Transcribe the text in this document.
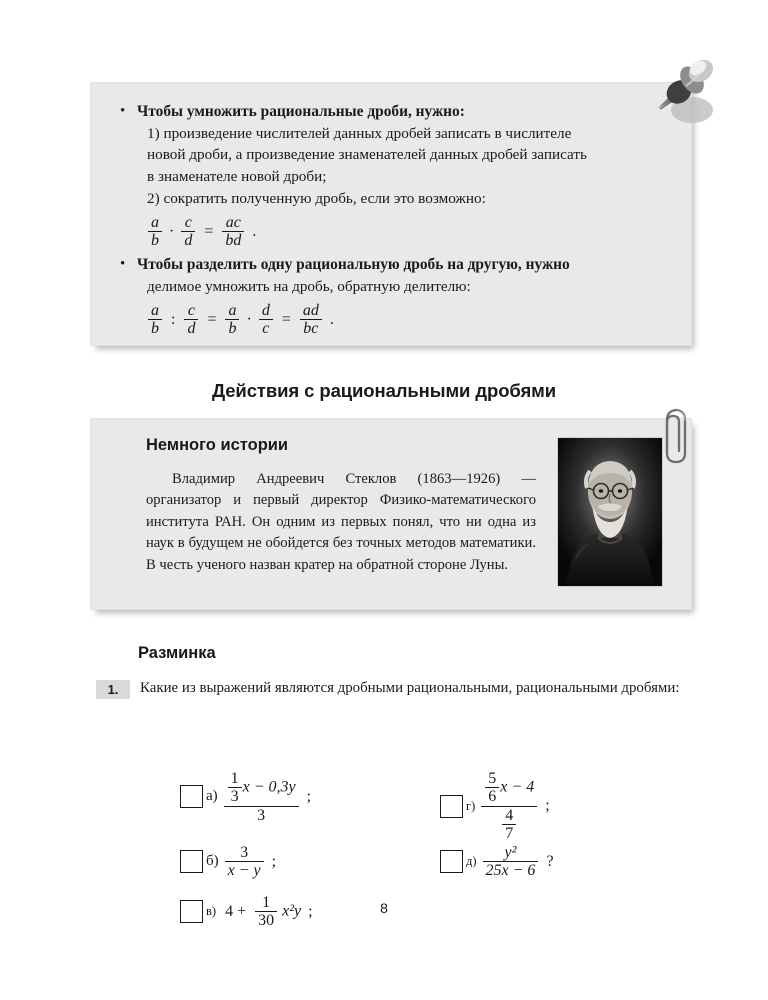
• Чтобы умножить рациональные дроби, нужно:
1) произведение числителей данных дробей записать в числителе
новой дроби, а произведение знаменателей данных дробей записать
в знаменателе новой дроби;
2) сократить полученную дробь, если это возможно:
$\frac{a}{b} \cdot \frac{c}{d} = \frac{ac}{bd}$ .
• Чтобы разделить одну рациональную дробь на другую, нужно
делимое умножить на дробь, обратную делителю:
$\frac{a}{b}$ : $\frac{c}{d} = \frac{a}{b} \cdot \frac{d}{c} = \frac{ad}{bc}$ .
Действия с рациональными дробями
Немного истории
Владимир Андреевич Стеклов (1863—1926) — организатор и первый директор Физико-математического института РАН. Он одним из первых понял, что ни одна из наук в будущем не обойдется без точных методов математики. В честь ученого назван кратер на обратной стороне Луны.
Разминка
1.	Какие из выражений являются дробными рациональными, рациональными дробями:
$а) \frac{\frac{1}{3} x - 0,3y}{3}$ ;
$б) \frac{3}{x - y}$ ;
в) $4 + \frac{1}{30} x^2y$ ;
$г) \frac{\frac{5}{6} x - 4}{\frac{4}{7}}$ ;
$д) \frac{\text{y²}}{25x - 6}$ ?
8
